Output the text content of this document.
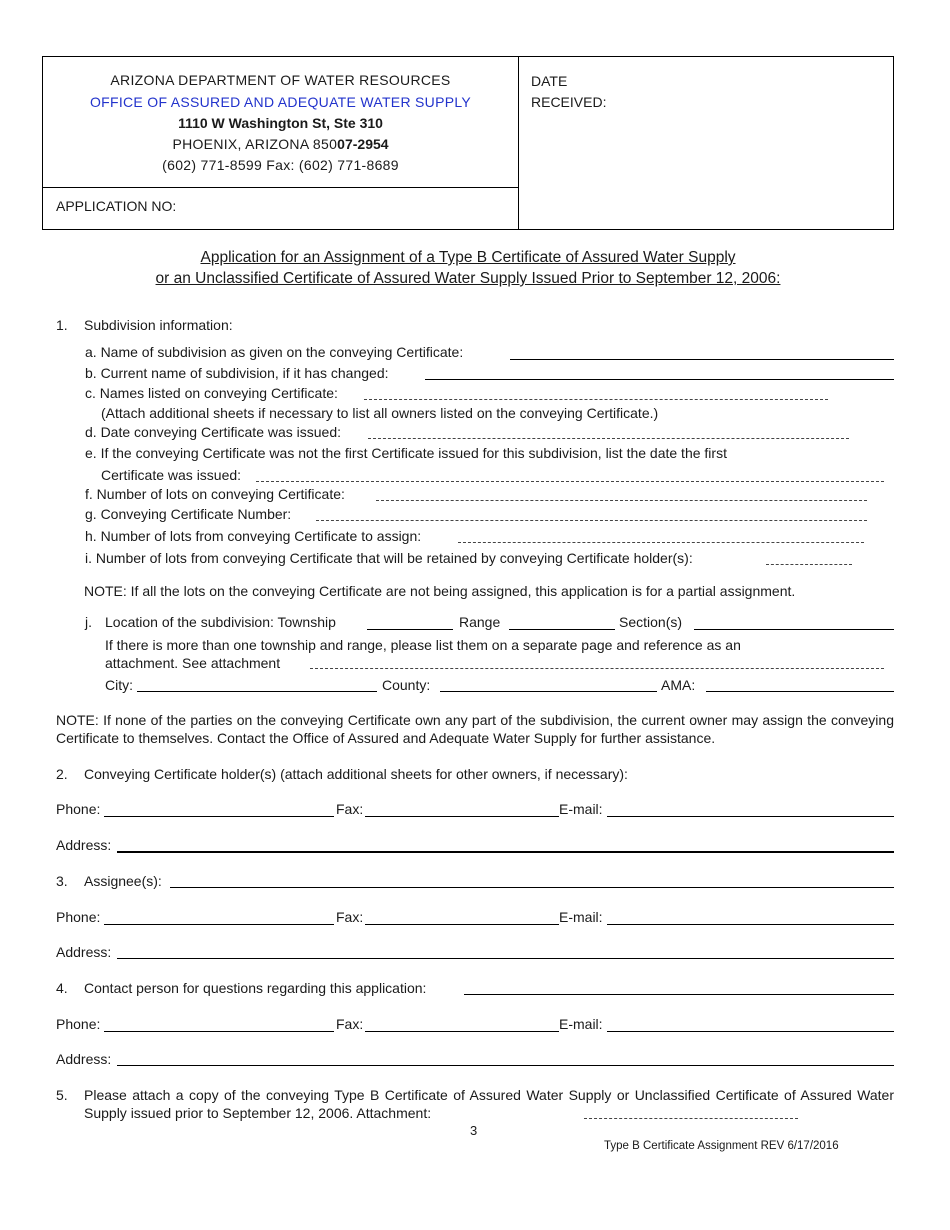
ARIZONA DEPARTMENT OF WATER RESOURCES
OFFICE OF ASSURED AND ADEQUATE WATER SUPPLY
1110 W Washington St, Ste 310
PHOENIX, ARIZONA 85007-2954
(602) 771-8599 Fax: (602) 771-8689
APPLICATION NO:
DATE
RECEIVED:
Application for an Assignment of a Type B Certificate of Assured Water Supply
or an Unclassified Certificate of Assured Water Supply Issued Prior to September 12, 2006:
1. Subdivision information:
a. Name of subdivision as given on the conveying Certificate:
b. Current name of subdivision, if it has changed:
c. Names listed on conveying Certificate:
(Attach additional sheets if necessary to list all owners listed on the conveying Certificate.)
d. Date conveying Certificate was issued:
e. If the conveying Certificate was not the first Certificate issued for this subdivision, list the date the first
Certificate was issued:
f. Number of lots on conveying Certificate:
g. Conveying Certificate Number:
h. Number of lots from conveying Certificate to assign:
i. Number of lots from conveying Certificate that will be retained by conveying Certificate holder(s):
NOTE: If all the lots on the conveying Certificate are not being assigned, this application is for a partial assignment.
j. Location of the subdivision: Township	Range	Section(s)
If there is more than one township and range, please list them on a separate page and reference as an
attachment. See attachment
City:	County:	AMA:
NOTE: If none of the parties on the conveying Certificate own any part of the subdivision, the current owner may assign the conveying Certificate to themselves. Contact the Office of Assured and Adequate Water Supply for further assistance.
2. Conveying Certificate holder(s) (attach additional sheets for other owners, if necessary):
Phone:	Fax:	E-mail:
Address:
3. Assignee(s):
Phone:	Fax:	E-mail:
Address:
4. Contact person for questions regarding this application:
Phone:	Fax:	E-mail:
Address:
5. Please attach a copy of the conveying Type B Certificate of Assured Water Supply or Unclassified Certificate of Assured Water Supply issued prior to September 12, 2006. Attachment:
3
Type B Certificate Assignment REV 6/17/2016
